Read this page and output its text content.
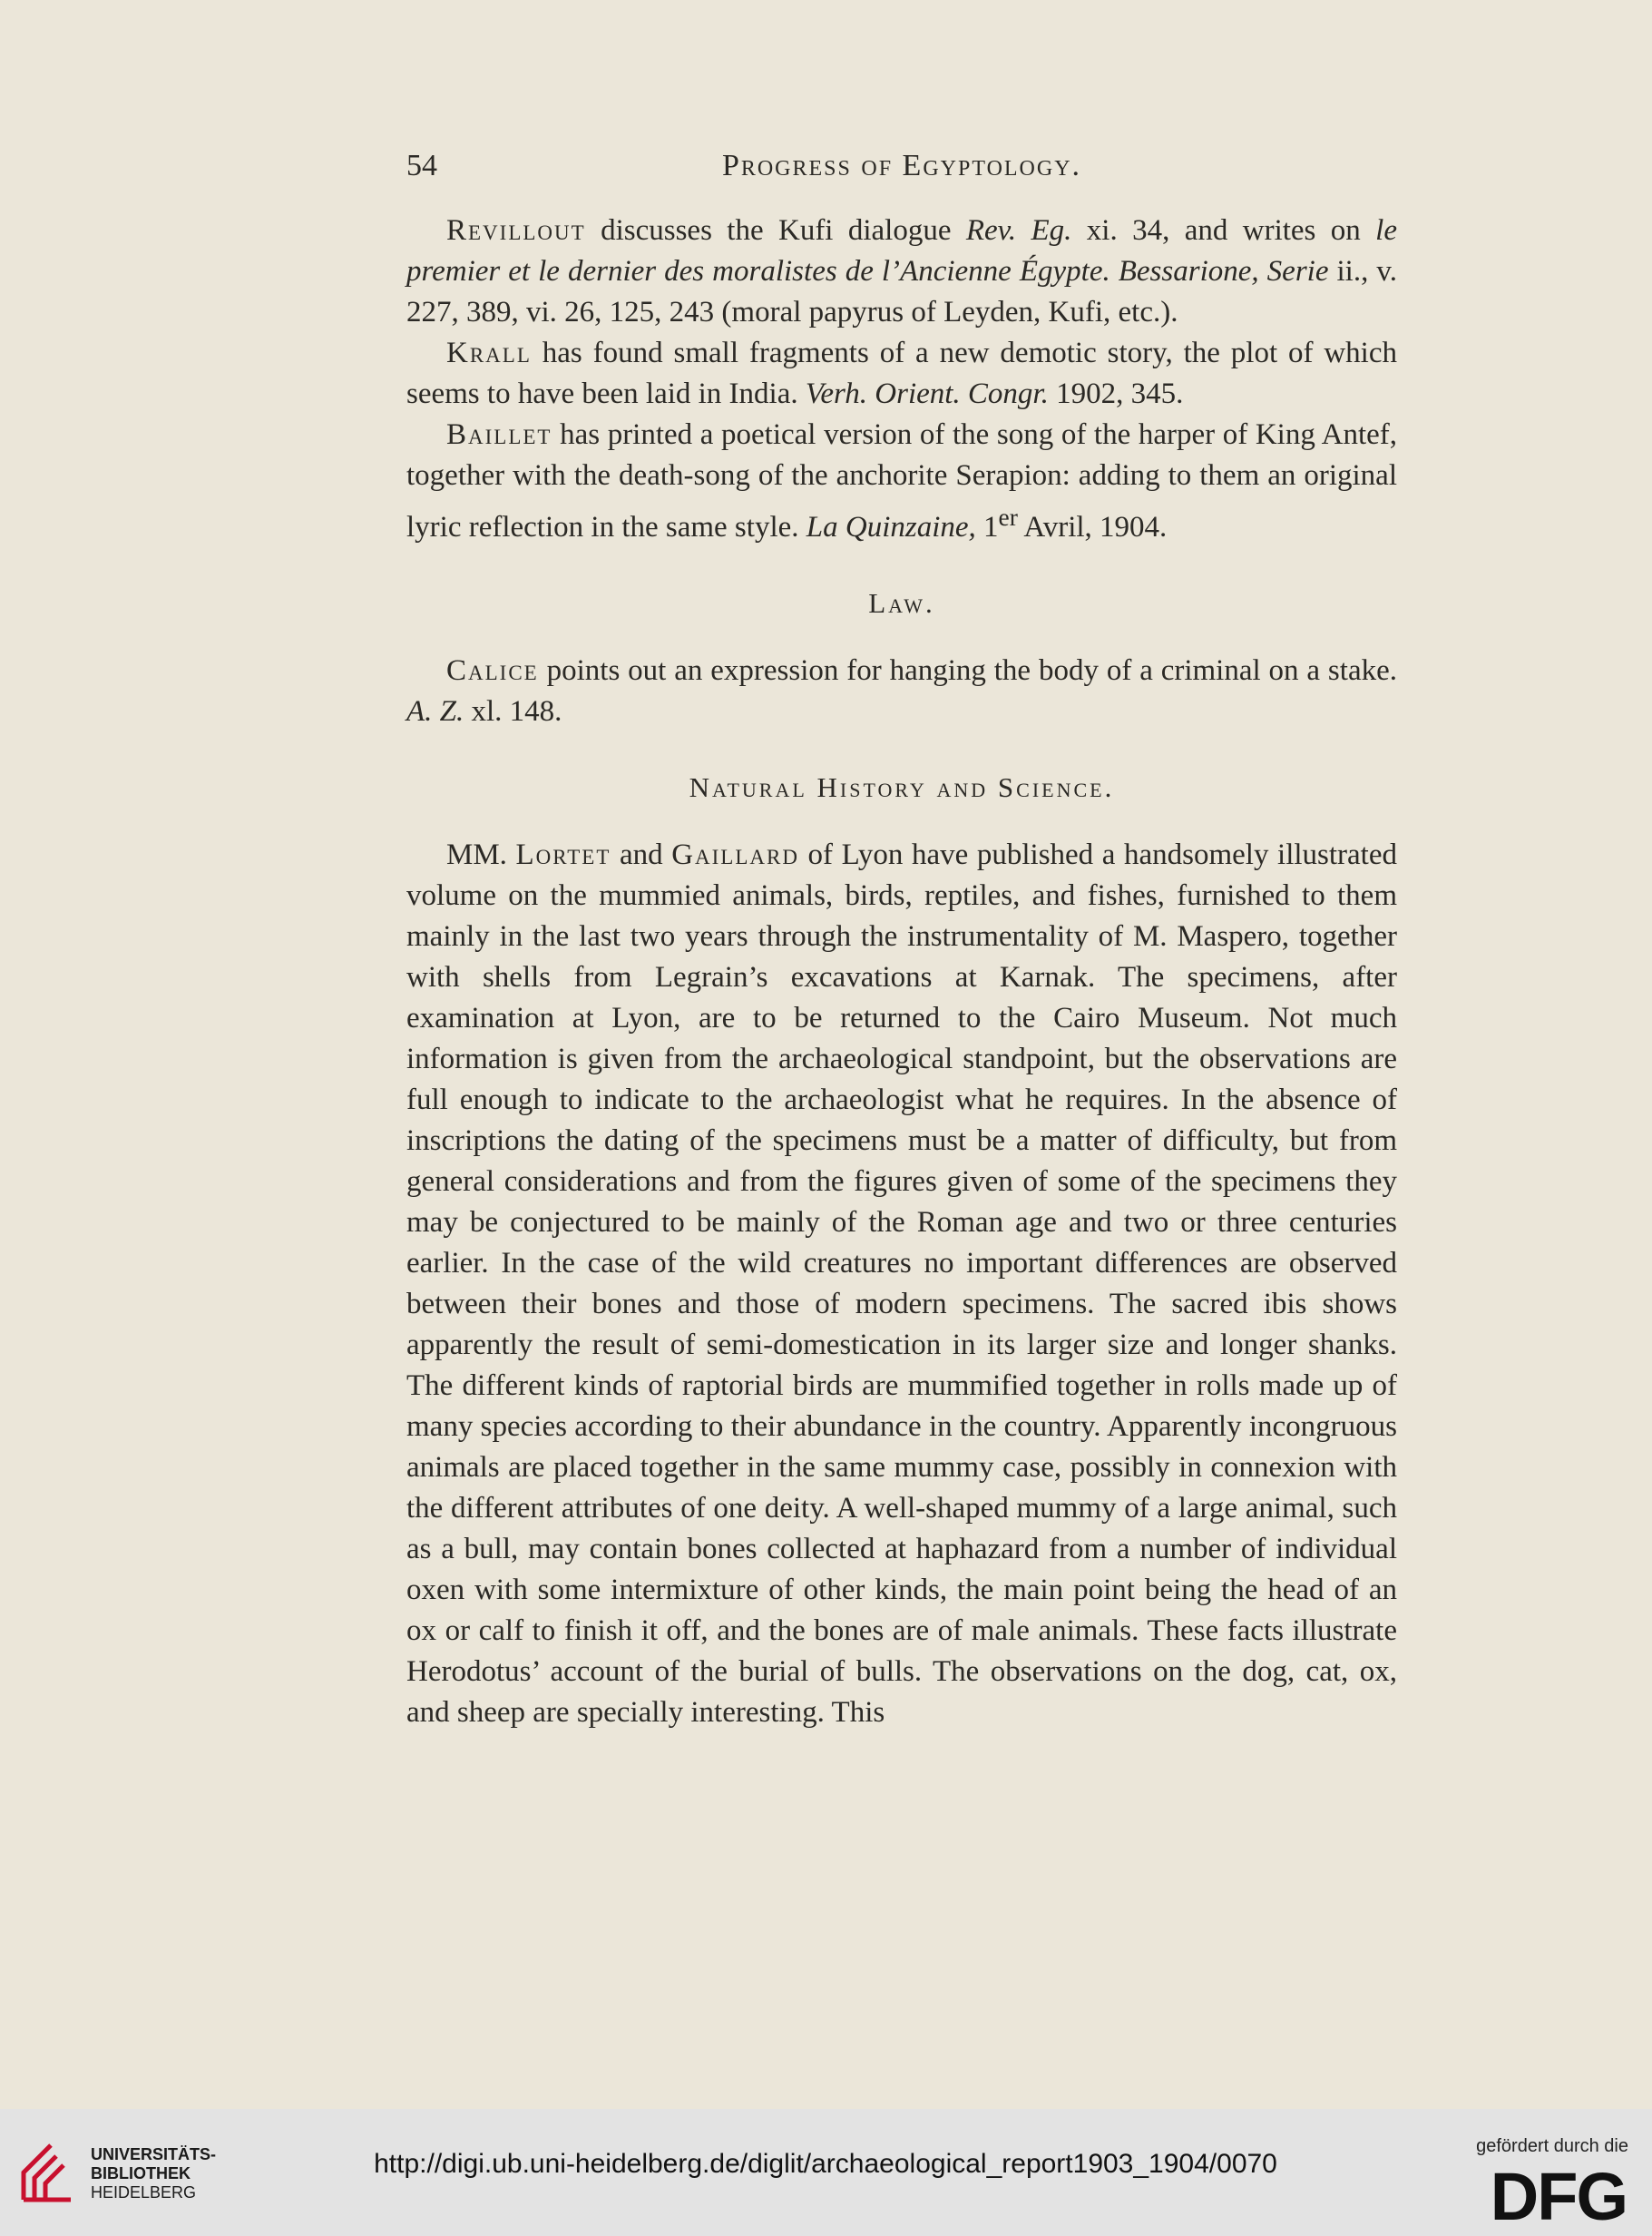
54	Progress of Egyptology.

Revillout discusses the Kufi dialogue Rev. Eg. xi. 34, and writes on le premier et le dernier des moralistes de l’Ancienne Égypte. Bessarione, Serie ii., v. 227, 389, vi. 26, 125, 243 (moral papyrus of Leyden, Kufi, etc.).

Krall has found small fragments of a new demotic story, the plot of which seems to have been laid in India. Verh. Orient. Congr. 1902, 345.

Baillet has printed a poetical version of the song of the harper of King Antef, together with the death-song of the anchorite Serapion: adding to them an original lyric reflection in the same style. La Quinzaine, 1er Avril, 1904.

Law.

Calice points out an expression for hanging the body of a criminal on a stake. A. Z. xl. 148.

Natural History and Science.

MM. Lortet and Gaillard of Lyon have published a handsomely illustrated volume on the mummied animals, birds, reptiles, and fishes, furnished to them mainly in the last two years through the instrumentality of M. Maspero, together with shells from Legrain’s excavations at Karnak. The specimens, after examination at Lyon, are to be returned to the Cairo Museum. Not much information is given from the archaeological standpoint, but the observations are full enough to indicate to the archaeologist what he requires. In the absence of inscriptions the dating of the specimens must be a matter of difficulty, but from general considerations and from the figures given of some of the specimens they may be conjectured to be mainly of the Roman age and two or three centuries earlier. In the case of the wild creatures no important differences are observed between their bones and those of modern specimens. The sacred ibis shows apparently the result of semi-domestication in its larger size and longer shanks. The different kinds of raptorial birds are mummified together in rolls made up of many species according to their abundance in the country. Apparently incongruous animals are placed together in the same mummy case, possibly in connexion with the different attributes of one deity. A well-shaped mummy of a large animal, such as a bull, may contain bones collected at haphazard from a number of individual oxen with some intermixture of other kinds, the main point being the head of an ox or calf to finish it off, and the bones are of male animals. These facts illustrate Herodotus’ account of the burial of bulls. The observations on the dog, cat, ox, and sheep are specially interesting. This

UNIVERSITÄTS-
BIBLIOTHEK
HEIDELBERG
http://digi.ub.uni-heidelberg.de/diglit/archaeological_report1903_1904/0070
gefördert durch die
DFG
